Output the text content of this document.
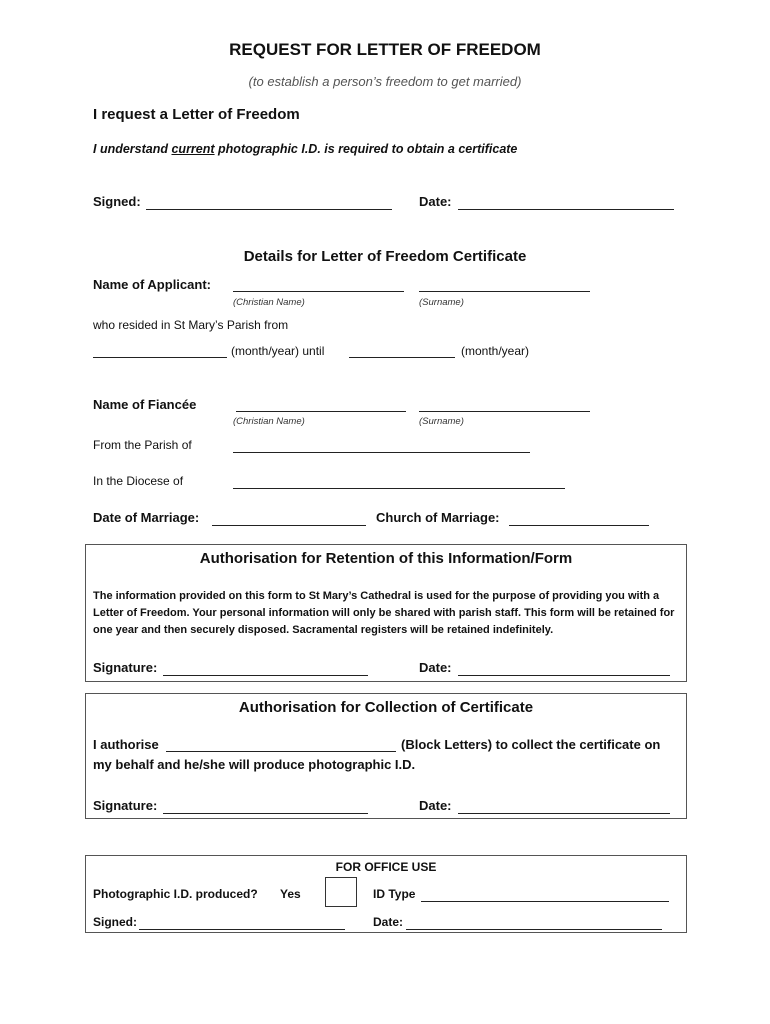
REQUEST FOR LETTER OF FREEDOM
(to establish a person’s freedom to get married)
I request a Letter of Freedom
I understand current photographic I.D. is required to obtain a certificate
Signed:	Date:
Details for Letter of Freedom Certificate
Name of Applicant:
(Christian Name)	(Surname)
who resided in St Mary’s Parish from
(month/year) until	(month/year)
Name of Fiancée
(Christian Name)	(Surname)
From the Parish of
In the Diocese of
Date of Marriage:	Church of Marriage:
Authorisation for Retention of this Information/Form
The information provided on this form to St Mary’s Cathedral is used for the purpose of providing you with a Letter of Freedom. Your personal information will only be shared with parish staff. This form will be retained for one year and then securely disposed. Sacramental registers will be retained indefinitely.
Signature:	Date:
Authorisation for Collection of Certificate
I authorise	(Block Letters) to collect the certificate on
my behalf and he/she will produce photographic I.D.
Signature:	Date:
FOR OFFICE USE
Photographic I.D. produced? Yes	ID Type
Signed:	Date:
